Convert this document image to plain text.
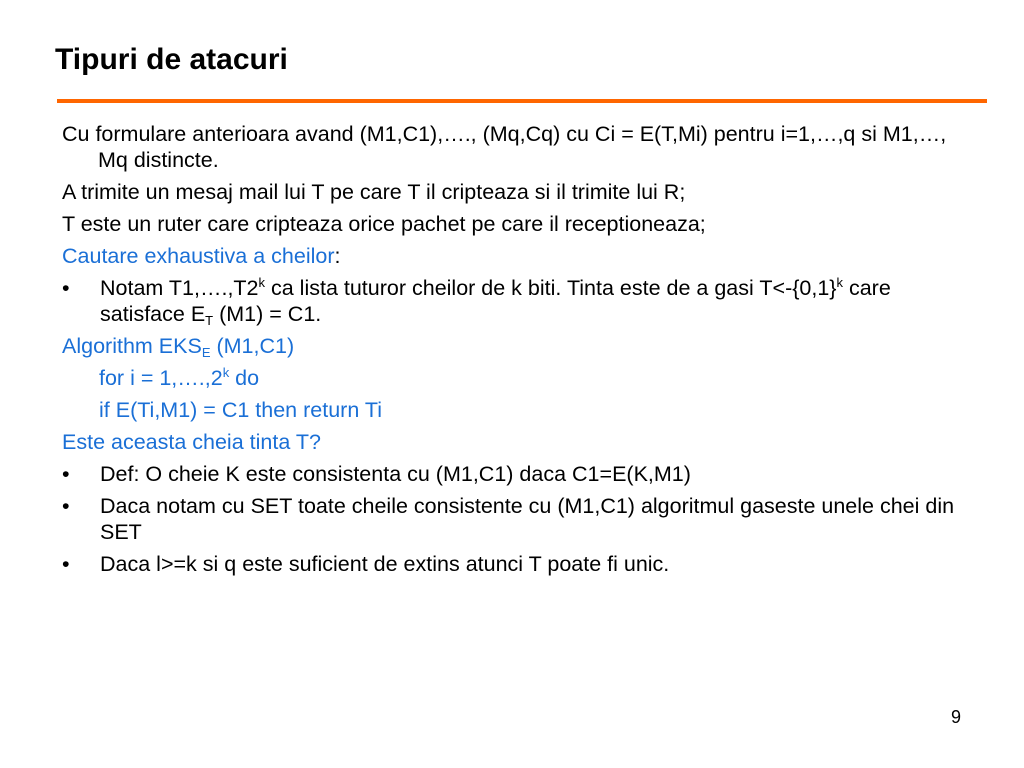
Tipuri de atacuri

Cu formulare anterioara avand (M1,C1),…., (Mq,Cq) cu Ci = E(T,Mi) pentru i=1,…,q si M1,…, Mq distincte.

A trimite un mesaj mail lui T pe care T il cripteaza si il trimite lui R;

T este un ruter care cripteaza orice pachet pe care il receptioneaza;

Cautare exhaustiva a cheilor:

•	Notam T1,….,T2$^k$ ca lista tuturor cheilor de k biti. Tinta este de a gasi $T<-\{0,1\}^k$ care satisface $E_T$ (M1) = C1.

Algorithm $EKS_E$ (M1,C1)

for $i = 1,\dots.,2^k$ do

if E(Ti,M1) = C1 then return Ti

Este aceasta cheia tinta T?

•	Def: O cheie K este consistenta cu (M1,C1) daca C1=E(K,M1)
•	Daca notam cu SET toate cheile consistente cu (M1,C1) algoritmul gaseste unele chei din SET
•	Daca l>=k si q este suficient de extins atunci T poate fi unic.
9
